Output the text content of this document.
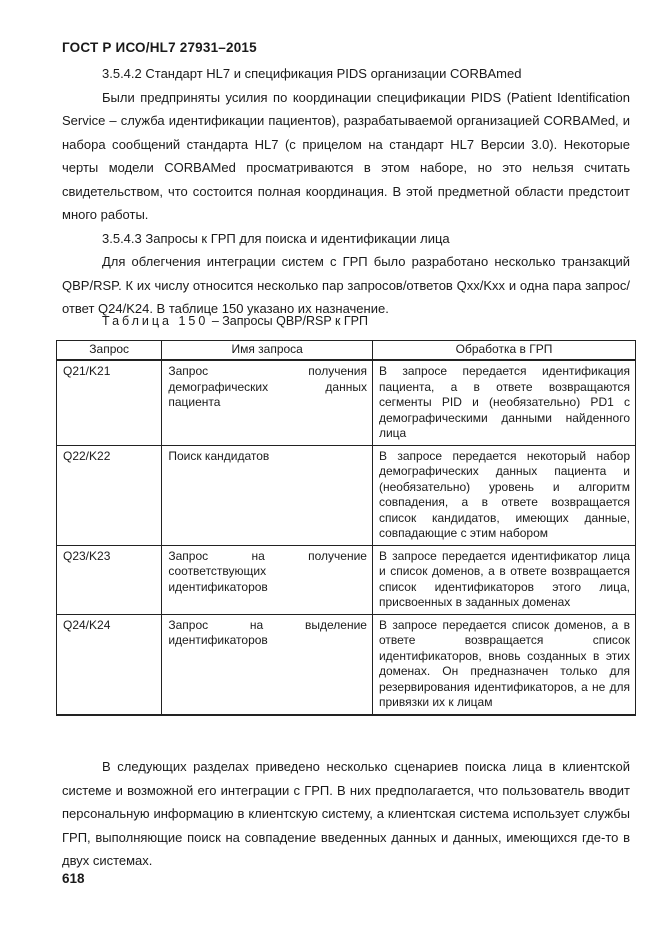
ГОСТ Р ИСО/HL7 27931–2015
3.5.4.2 Стандарт HL7 и спецификация PIDS организации CORBAmed
Были предприняты усилия по координации спецификации PIDS (Patient Identification Service – служба идентификации пациентов), разрабатываемой организацией CORBAMed, и набора сообщений стандарта HL7 (с прицелом на стандарт HL7 Версии 3.0). Некоторые черты модели CORBAMed просматриваются в этом наборе, но это нельзя считать свидетельством, что состоится полная координация. В этой предметной области предстоит много работы.
3.5.4.3 Запросы к ГРП для поиска и идентификации лица
Для облегчения интеграции систем с ГРП было разработано несколько транзакций QBP/RSP. К их числу относится несколько пар запросов/ответов Qxx/Kxx и одна пара запрос/ответ Q24/K24. В таблице 150 указано их назначение.
Таблица 150 – Запросы QBP/RSP к ГРП
Запрос	Имя запроса	Обработка в ГРП
Q21/K21	Запрос получения демографических данных пациента	В запросе передается идентификация пациента, а в ответе возвращаются сегменты PID и (необязательно) PD1 с демографическими данными найденного лица
Q22/K22	Поиск кандидатов	В запросе передается некоторый набор демографических данных пациента и (необязательно) уровень и алгоритм совпадения, а в ответе возвращается список кандидатов, имеющих данные, совпадающие с этим набором
Q23/K23	Запрос на получение соответствующих идентификаторов	В запросе передается идентификатор лица и список доменов, а в ответе возвращается список идентификаторов этого лица, присвоенных в заданных доменах
Q24/K24	Запрос на выделение идентификаторов	В запросе передается список доменов, а в ответе возвращается список идентификаторов, вновь созданных в этих доменах. Он предназначен только для резервирования идентификаторов, а не для привязки их к лицам
В следующих разделах приведено несколько сценариев поиска лица в клиентской системе и возможной его интеграции с ГРП. В них предполагается, что пользователь вводит персональную информацию в клиентскую систему, а клиентская система использует службы ГРП, выполняющие поиск на совпадение введенных данных и данных, имеющихся где-то в двух системах.
618
